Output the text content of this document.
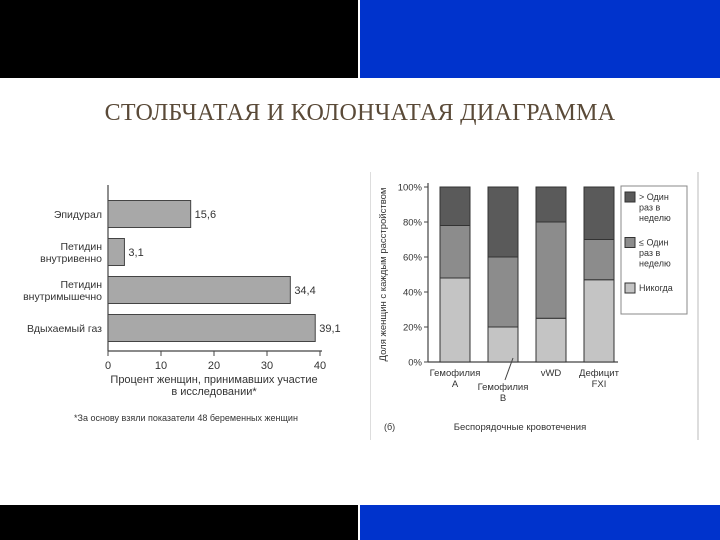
СТОЛБЧАТАЯ И КОЛОНЧАТАЯ ДИАГРАММА
Эпидурал	15,6
Петидин внутривенно 3,1
Петидин внутримышечно	34,4
Вдыхаемый газ	39,1
0	10	20	30	40
Процент женщин, принимавших участие в исследовании*
*За основу взяли показатели 48 беременных женщин
0%
20%
40%
60%
80%
100%
Доля женщин с каждым расстройством
Гемофилия А	Гемофилия В
vWD Дефицит FXI
> Один раз в неделю
≤ Один раз в неделю
Никогда
(б)	Беспорядочные кровотечения
